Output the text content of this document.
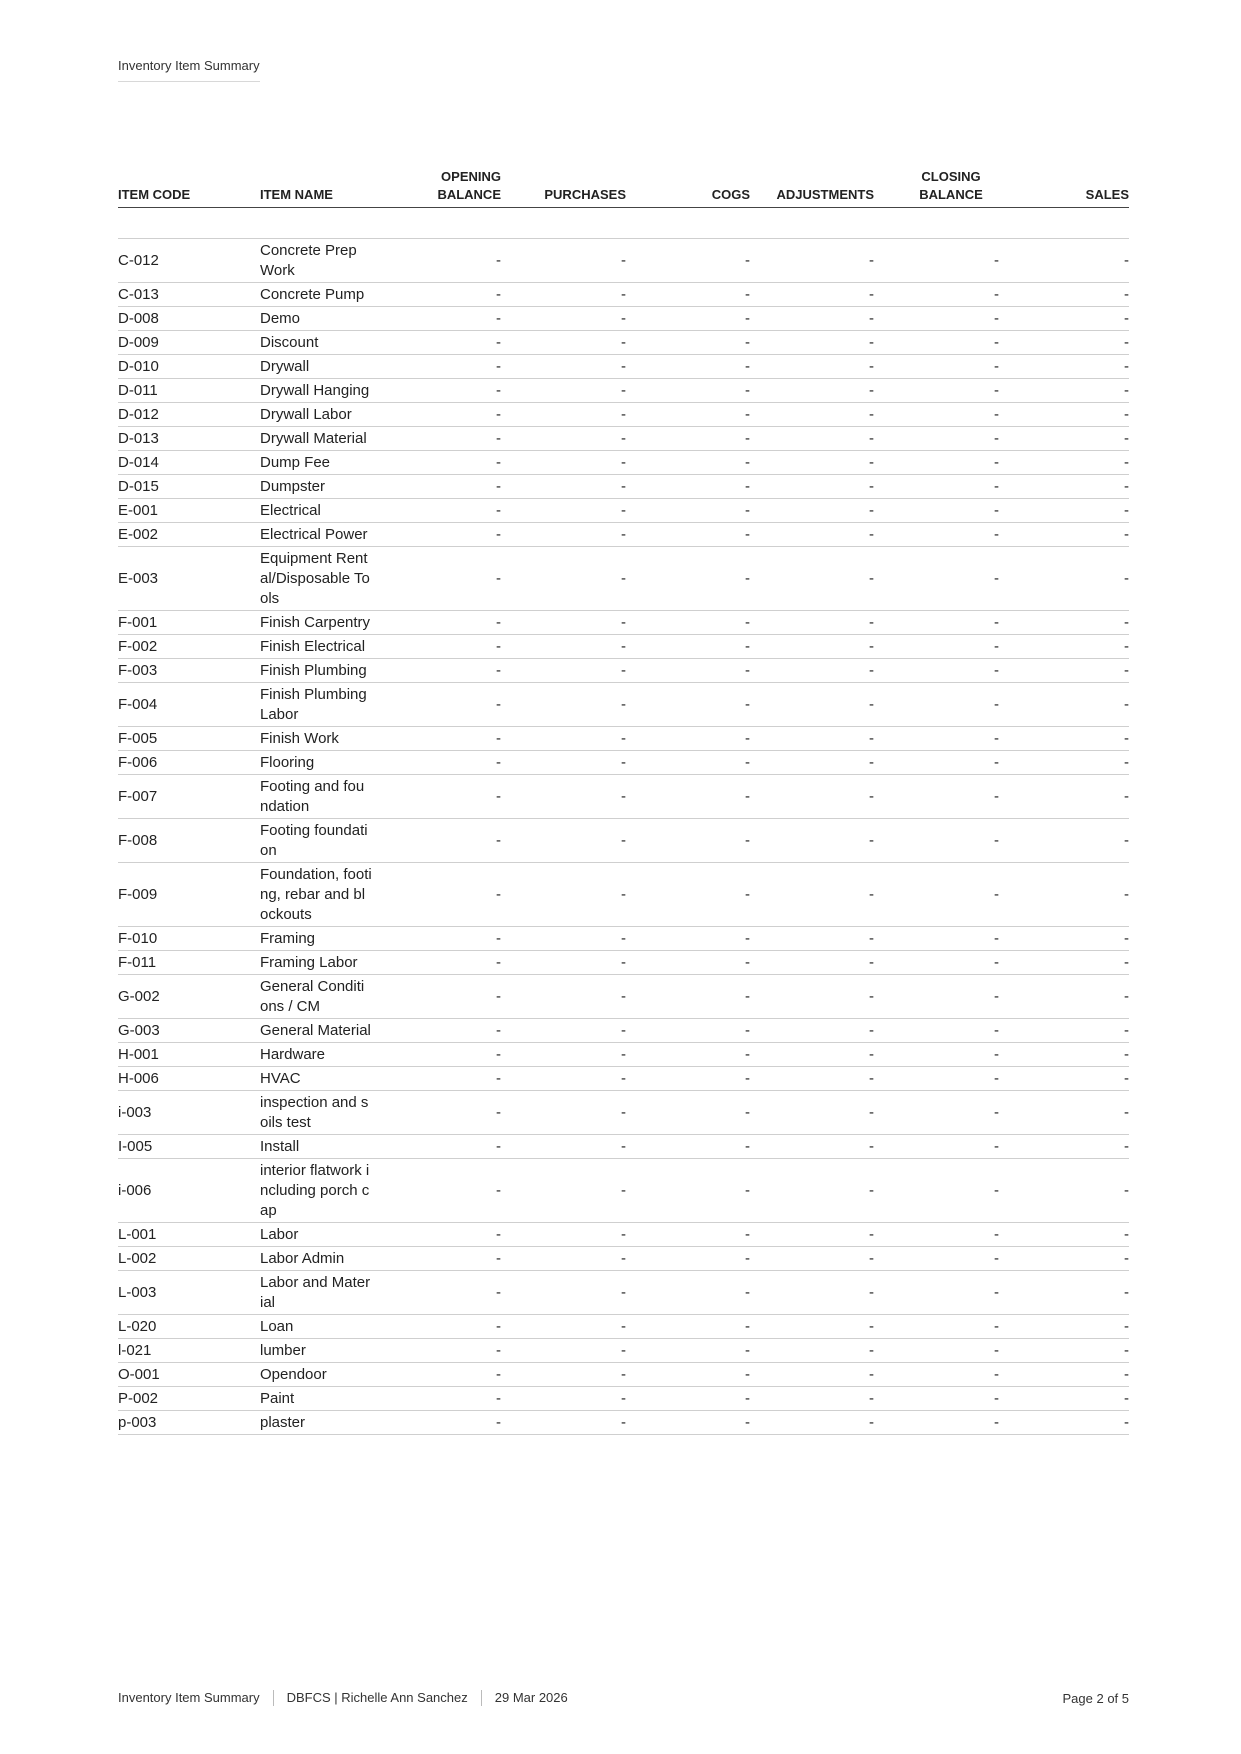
Inventory Item Summary
ITEM CODE	ITEM NAME	OPENING BALANCE	PURCHASES	COGS	ADJUSTMENTS	CLOSING BALANCE	SALES

C-012	Concrete Prep Work	-	-	-	-	-	-
C-013	Concrete Pump	-	-	-	-	-	-
D-008	Demo	-	-	-	-	-	-
D-009	Discount	-	-	-	-	-	-
D-010	Drywall	-	-	-	-	-	-
D-011	Drywall Hanging	-	-	-	-	-	-
D-012	Drywall Labor	-	-	-	-	-	-
D-013	Drywall Material	-	-	-	-	-	-
D-014	Dump Fee	-	-	-	-	-	-
D-015	Dumpster	-	-	-	-	-	-
E-001	Electrical	-	-	-	-	-	-
E-002	Electrical Power	-	-	-	-	-	-
E-003	Equipment Rental/Disposable Tools	-	-	-	-	-	-
F-001	Finish Carpentry	-	-	-	-	-	-
F-002	Finish Electrical	-	-	-	-	-	-
F-003	Finish Plumbing	-	-	-	-	-	-
F-004	Finish Plumbing Labor	-	-	-	-	-	-
F-005	Finish Work	-	-	-	-	-	-
F-006	Flooring	-	-	-	-	-	-
F-007	Footing and foundation	-	-	-	-	-	-
F-008	Footing foundation	-	-	-	-	-	-
F-009	Foundation, footing, rebar and blockouts	-	-	-	-	-	-
F-010	Framing	-	-	-	-	-	-
F-011	Framing Labor	-	-	-	-	-	-
G-002	General Conditions / CM	-	-	-	-	-	-
G-003	General Material	-	-	-	-	-	-
H-001	Hardware	-	-	-	-	-	-
H-006	HVAC	-	-	-	-	-	-
i-003	inspection and soils test	-	-	-	-	-	-
I-005	Install	-	-	-	-	-	-
i-006	interior flatwork including porch cap	-	-	-	-	-	-
L-001	Labor	-	-	-	-	-	-
L-002	Labor Admin	-	-	-	-	-	-
L-003	Labor and Material	-	-	-	-	-	-
L-020	Loan	-	-	-	-	-	-
l-021	lumber	-	-	-	-	-	-
O-001	Opendoor	-	-	-	-	-	-
P-002	Paint	-	-	-	-	-	-
p-003	plaster	-	-	-	-	-	-
Inventory Item Summary	DBFCS | Richelle Ann Sanchez	29 Mar 2026	Page 2 of 5
